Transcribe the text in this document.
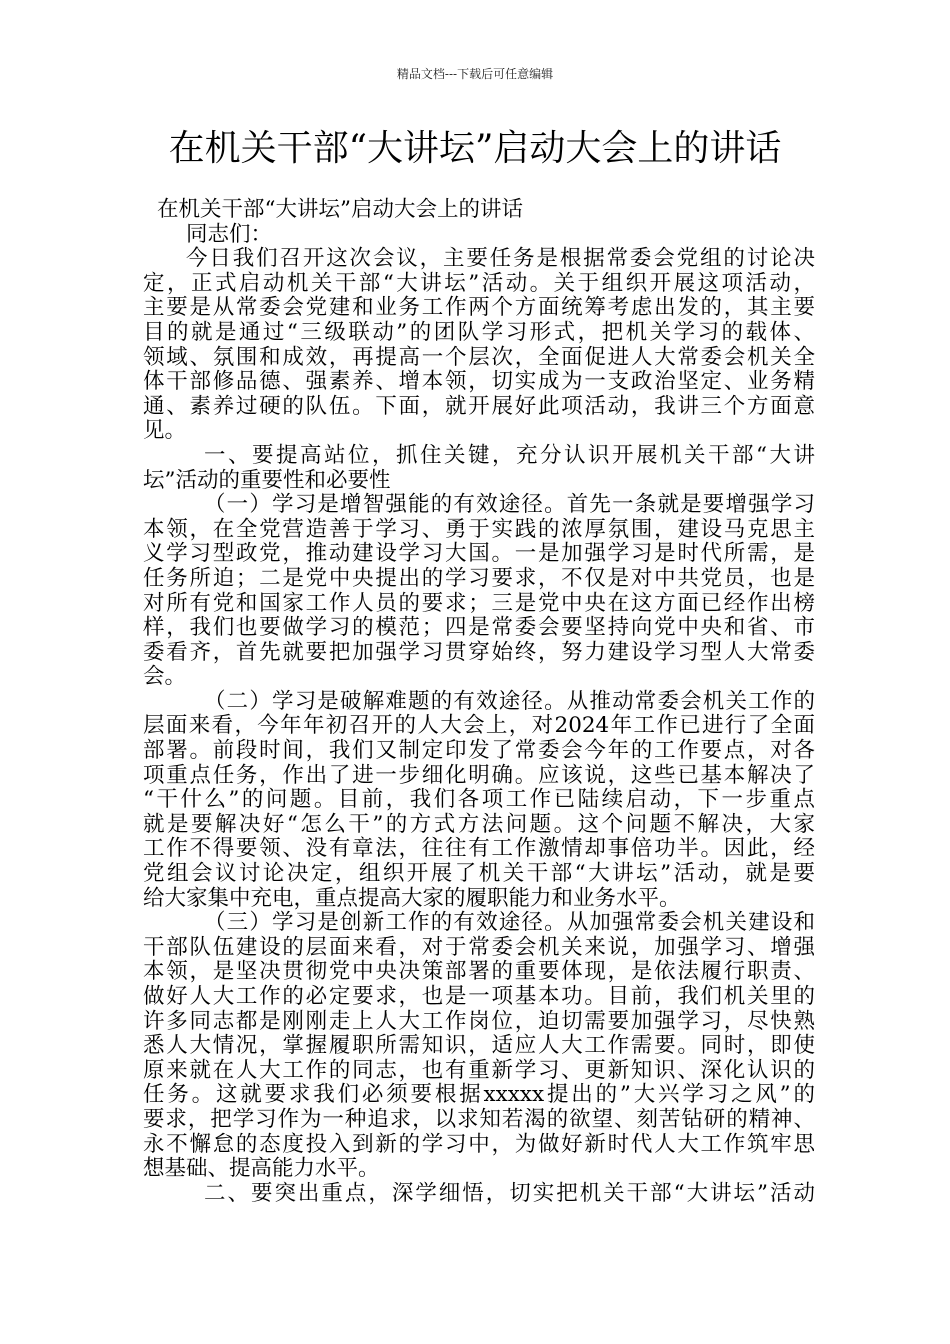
精品文档---下载后可任意编辑
在机关干部“大讲坛”启动大会上的讲话
在机关干部“大讲坛”启动大会上的讲话
同志们：
今日我们召开这次会议，主要任务是根据常委会党组的讨论决
定，正式启动机关干部“大讲坛”活动。关于组织开展这项活动，
主要是从常委会党建和业务工作两个方面统筹考虑出发的，其主要
目的就是通过“三级联动”的团队学习形式，把机关学习的载体、
领域、氛围和成效，再提高一个层次，全面促进人大常委会机关全
体干部修品德、强素养、增本领，切实成为一支政治坚定、业务精
通、素养过硬的队伍。下面，就开展好此项活动，我讲三个方面意
见。
一、要提高站位，抓住关键，充分认识开展机关干部“大讲
坛”活动的重要性和必要性
（一）学习是增智强能的有效途径。首先一条就是要增强学习
本领，在全党营造善于学习、勇于实践的浓厚氛围，建设马克思主
义学习型政党，推动建设学习大国。一是加强学习是时代所需，是
任务所迫；二是党中央提出的学习要求，不仅是对中共党员，也是
对所有党和国家工作人员的要求；三是党中央在这方面已经作出榜
样，我们也要做学习的模范；四是常委会要坚持向党中央和省、市
委看齐，首先就要把加强学习贯穿始终，努力建设学习型人大常委
会。
（二）学习是破解难题的有效途径。从推动常委会机关工作的
层面来看，今年年初召开的人大会上，对2024年工作已进行了全面
部署。前段时间，我们又制定印发了常委会今年的工作要点，对各
项重点任务，作出了进一步细化明确。应该说，这些已基本解决了
“干什么”的问题。目前，我们各项工作已陆续启动，下一步重点
就是要解决好“怎么干”的方式方法问题。这个问题不解决，大家
工作不得要领、没有章法，往往有工作激情却事倍功半。因此，经
党组会议讨论决定，组织开展了机关干部“大讲坛”活动，就是要
给大家集中充电，重点提高大家的履职能力和业务水平。
（三）学习是创新工作的有效途径。从加强常委会机关建设和
干部队伍建设的层面来看，对于常委会机关来说，加强学习、增强
本领，是坚决贯彻党中央决策部署的重要体现，是依法履行职责、
做好人大工作的必定要求，也是一项基本功。目前，我们机关里的
许多同志都是刚刚走上人大工作岗位，迫切需要加强学习，尽快熟
悉人大情况，掌握履职所需知识，适应人大工作需要。同时，即使
原来就在人大工作的同志，也有重新学习、更新知识、深化认识的
任务。这就要求我们必须要根据xxxxx提出的”大兴学习之风”的
要求，把学习作为一种追求，以求知若渴的欲望、刻苦钻研的精神、
永不懈怠的态度投入到新的学习中，为做好新时代人大工作筑牢思
想基础、提高能力水平。
二、要突出重点，深学细悟，切实把机关干部“大讲坛”活动
